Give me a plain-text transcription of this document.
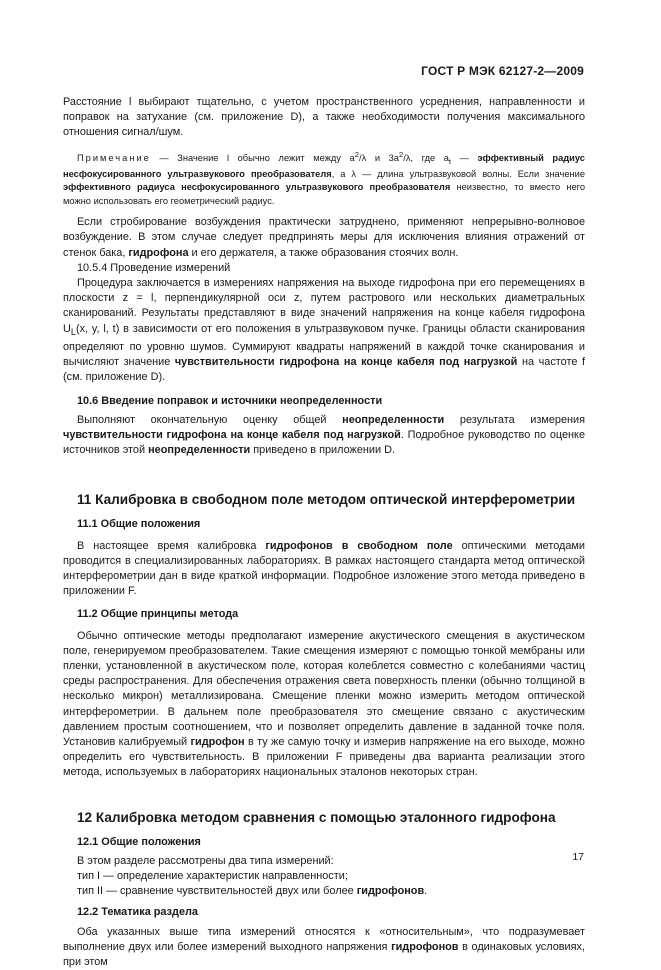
ГОСТ Р МЭК 62127-2—2009

Расстояние l выбирают тщательно, с учетом пространственного усреднения, направленности и поправок на затухание (см. приложение D), а также необходимости получения максимального отношения сигнал/шум.

Примечание — Значение l обычно лежит между $a^2/\lambda$ и $3a^2/\lambda$, где $a_t$ — эффективный радиус несфокусированного ультразвукового преобразователя, а λ — длина ультразвуковой волны. Если значение эффективного радиуса несфокусированного ультразвукового преобразователя неизвестно, то вместо него можно использовать его геометрический радиус.

Если стробирование возбуждения практически затруднено, применяют непрерывно-волновое возбуждение. В этом случае следует предпринять меры для исключения влияния отражений от стенок бака, гидрофона и его держателя, а также образования стоячих волн.

10.5.4 Проведение измерений

Процедура заключается в измерениях напряжения на выходе гидрофона при его перемещениях в плоскости z = l, перпендикулярной оси z, путем растрового или нескольких диаметральных сканирований. Результаты представляют в виде значений напряжения на конце кабеля гидрофона $U_L(x$, y, l, t) в зависимости от его положения в ультразвуковом пучке. Границы области сканирования определяют по уровню шумов. Суммируют квадраты напряжений в каждой точке сканирования и вычисляют значение чувствительности гидрофона на конце кабеля под нагрузкой на частоте f (см. приложение D).

10.6 Введение поправок и источники неопределенности

Выполняют окончательную оценку общей неопределенности результата измерения чувствительности гидрофона на конце кабеля под нагрузкой. Подробное руководство по оценке источников этой неопределенности приведено в приложении D.

11 Калибровка в свободном поле методом оптической интерферометрии

11.1 Общие положения

В настоящее время калибровка гидрофонов в свободном поле оптическими методами проводится в специализированных лабораториях. В рамках настоящего стандарта метод оптической интерферометрии дан в виде краткой информации. Подробное изложение этого метода приведено в приложении F.

11.2 Общие принципы метода

Обычно оптические методы предполагают измерение акустического смещения в акустическом поле, генерируемом преобразователем. Такие смещения измеряют с помощью тонкой мембраны или пленки, установленной в акустическом поле, которая колеблется совместно с колебаниями частиц среды распространения. Для обеспечения отражения света поверхность пленки (обычно толщиной в несколько микрон) металлизирована. Смещение пленки можно измерить методом оптической интерферометрии. В дальнем поле преобразователя это смещение связано с акустическим давлением простым соотношением, что и позволяет определить давление в заданной точке поля. Установив калибруемый гидрофон в ту же самую точку и измерив напряжение на его выходе, можно определить его чувствительность. В приложении F приведены два варианта реализации этого метода, используемых в лабораториях национальных эталонов некоторых стран.

12 Калибровка методом сравнения с помощью эталонного гидрофона

12.1 Общие положения

В этом разделе рассмотрены два типа измерений:

тип I — определение характеристик направленности;

тип II — сравнение чувствительностей двух или более гидрофонов.

12.2 Тематика раздела

Оба указанных выше типа измерений относятся к «относительным», что подразумевает выполнение двух или более измерений выходного напряжения гидрофонов в одинаковых условиях, при этом

17
